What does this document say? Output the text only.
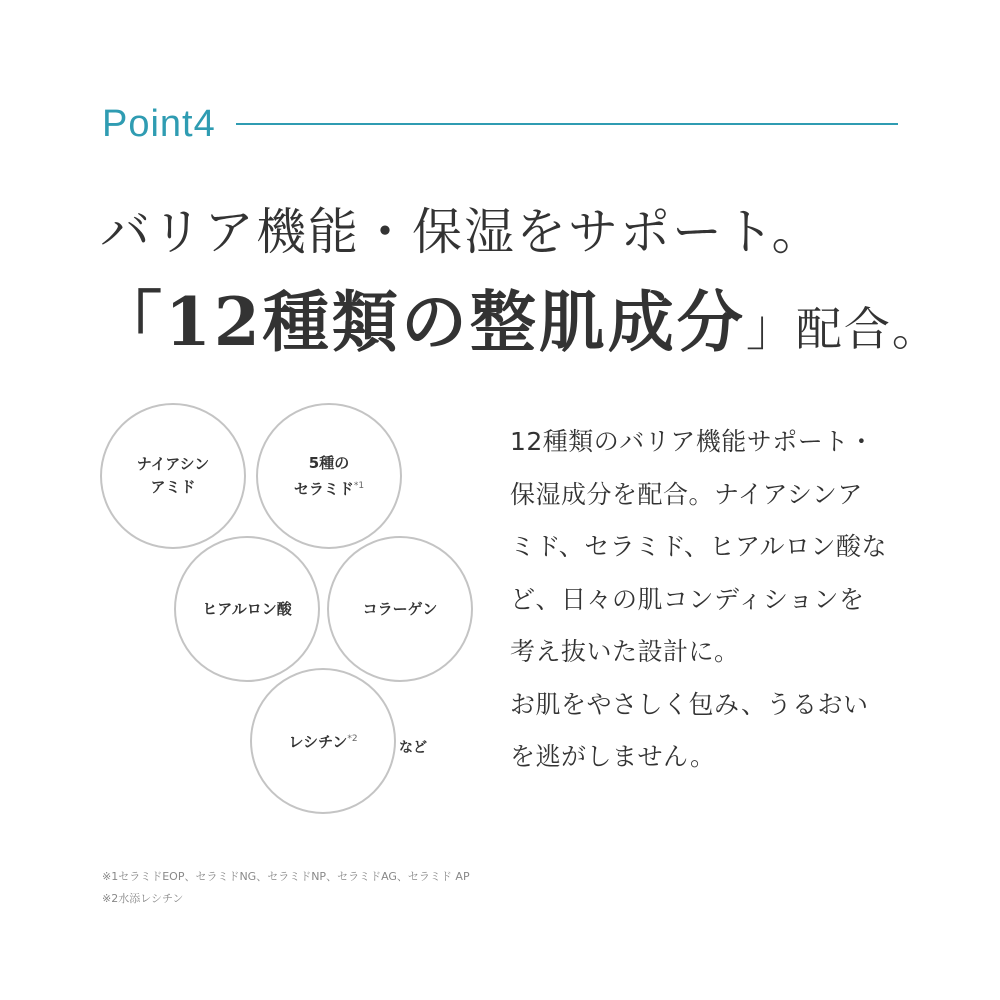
Point4
バリア機能・保湿をサポート。
「12種類の整肌成分」配合。
ナイアシン
アミド
5種の
セラミド$^{*1}$
ヒアルロン酸	コラーゲン
レシチン$^{*2}$
など
12種類のバリア機能サポート・
保湿成分を配合。ナイアシンア
ミド、セラミド、ヒアルロン酸な
ど、日々の肌コンディションを
考え抜いた設計に。
お肌をやさしく包み、うるおい
を逃がしません。
※1セラミドEOP、セラミドNG、セラミドNP、セラミドAG、セラミド AP
※2水添レシチン
